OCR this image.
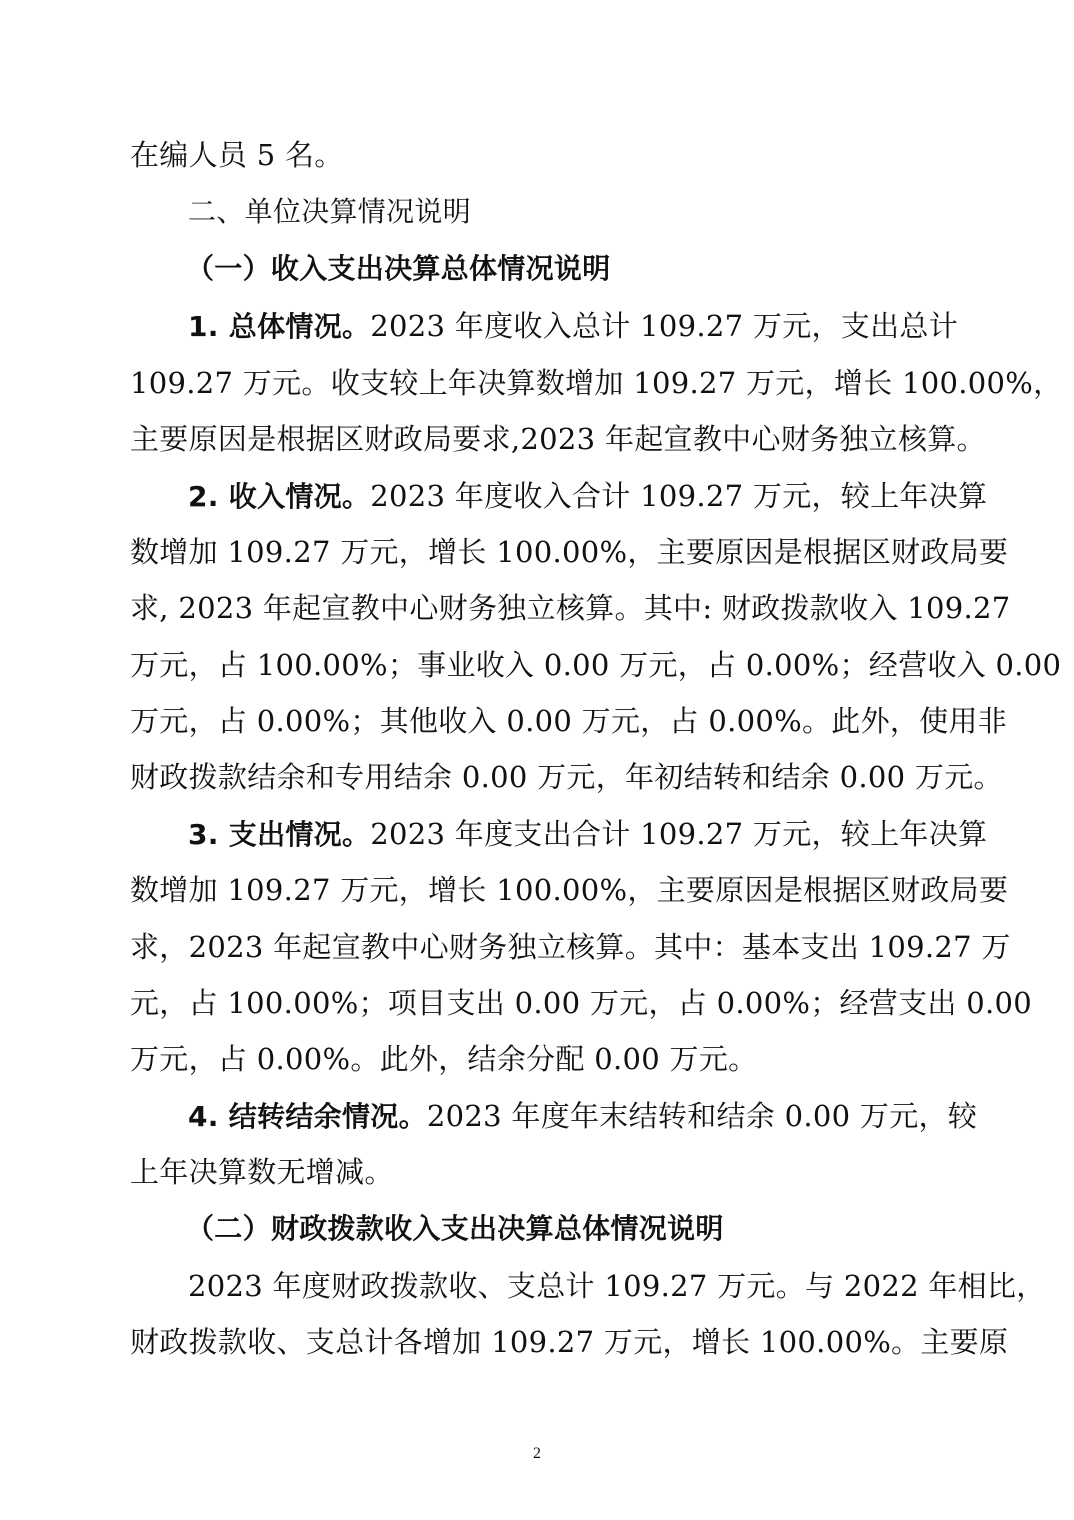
在编人员 5 名。
二、单位决算情况说明
（一）收入支出决算总体情况说明
1. 总体情况。2023 年度收入总计 109.27 万元，支出总计
109.27 万元。收支较上年决算数增加 109.27 万元，增长 100.00%，
主要原因是根据区财政局要求,2023 年起宣教中心财务独立核算。
2. 收入情况。2023 年度收入合计 109.27 万元，较上年决算
数增加 109.27 万元，增长 100.00%，主要原因是根据区财政局要
求, 2023 年起宣教中心财务独立核算。其中: 财政拨款收入 109.27
万元，占 100.00%；事业收入 0.00 万元，占 0.00%；经营收入 0.00
万元，占 0.00%；其他收入 0.00 万元，占 0.00%。此外，使用非
财政拨款结余和专用结余 0.00 万元，年初结转和结余 0.00 万元。
3. 支出情况。2023 年度支出合计 109.27 万元，较上年决算
数增加 109.27 万元，增长 100.00%，主要原因是根据区财政局要
求，2023 年起宣教中心财务独立核算。其中：基本支出 109.27 万
元，占 100.00%；项目支出 0.00 万元，占 0.00%；经营支出 0.00
万元，占 0.00%。此外，结余分配 0.00 万元。
4. 结转结余情况。2023 年度年末结转和结余 0.00 万元，较
上年决算数无增减。
（二）财政拨款收入支出决算总体情况说明
2023 年度财政拨款收、支总计 109.27 万元。与 2022 年相比，
财政拨款收、支总计各增加 109.27 万元，增长 100.00%。主要原
2
